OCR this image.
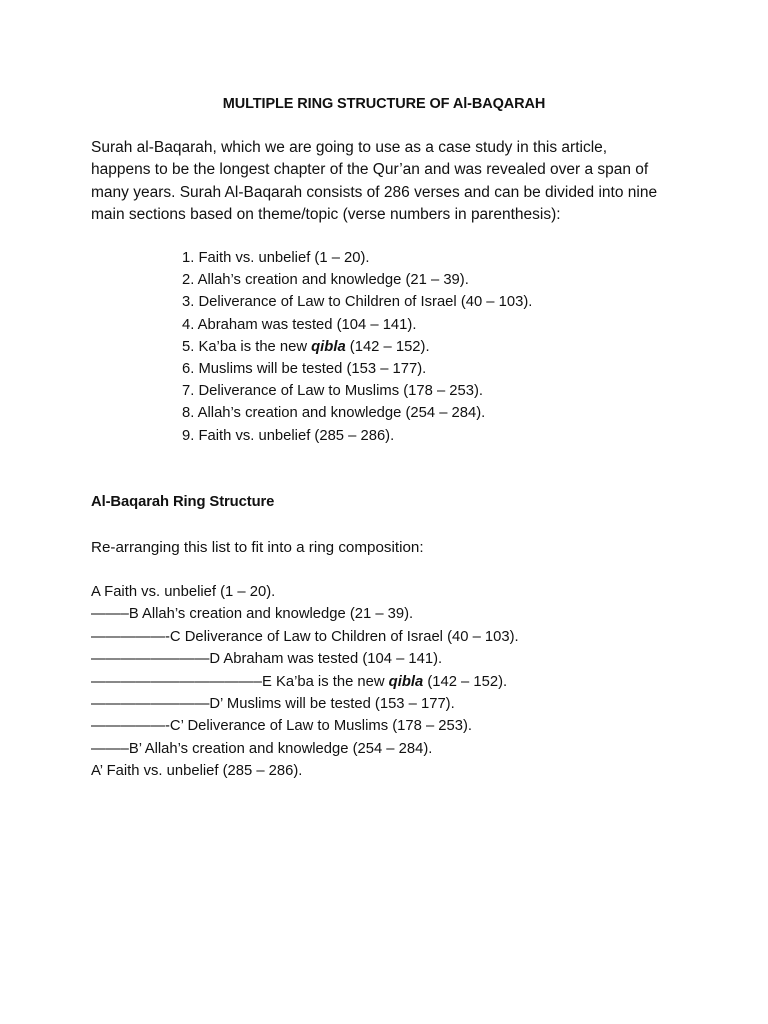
MULTIPLE RING STRUCTURE OF Al-BAQARAH

Surah al-Baqarah, which we are going to use as a case study in this article,
happens to be the longest chapter of the Qur’an and was revealed over a span of
many years. Surah Al-Baqarah consists of 286 verses and can be divided into nine
main sections based on theme/topic (verse numbers in parenthesis):

1. Faith vs. unbelief (1 – 20).
2. Allah’s creation and knowledge (21 – 39).
3. Deliverance of Law to Children of Israel (40 – 103).
4. Abraham was tested (104 – 141).
5. Ka’ba is the new qibla (142 – 152).
6. Muslims will be tested (153 – 177).
7. Deliverance of Law to Muslims (178 – 253).
8. Allah’s creation and knowledge (254 – 284).
9. Faith vs. unbelief (285 – 286).
Al-Baqarah Ring Structure
Re-arranging this list to fit into a ring composition:
A Faith vs. unbelief (1 – 20).
——–B Allah’s creation and knowledge (21 – 39).
—————-C Deliverance of Law to Children of Israel (40 – 103).
————————D Abraham was tested (104 – 141).
———————————–E Ka’ba is the new qibla (142 – 152).
————————D’ Muslims will be tested (153 – 177).
—————-C’ Deliverance of Law to Muslims (178 – 253).
——–B’ Allah’s creation and knowledge (254 – 284).
A’ Faith vs. unbelief (285 – 286).
